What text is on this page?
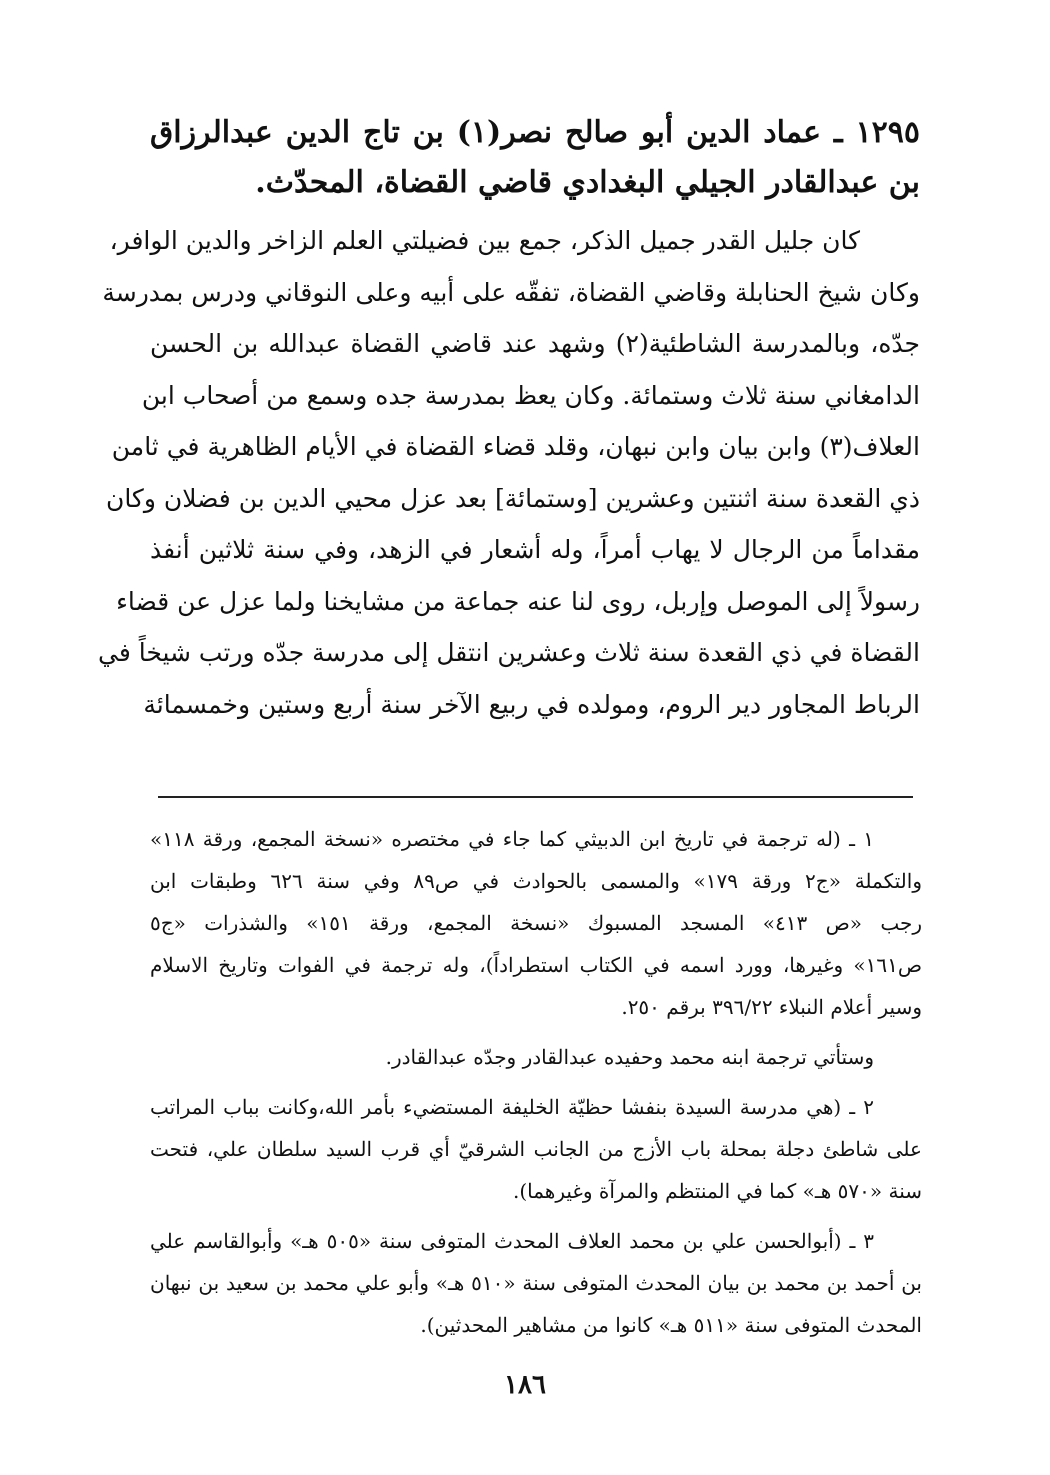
١٢٩٥ ـ عماد الدين أبو صالح نصر(١) بن تاج الدين عبدالرزاق بن عبدالقادر الجيلي البغدادي قاضي القضاة، المحدّث.
كان جليل القدر جميل الذكر، جمع بين فضيلتي العلم الزاخر والدين الوافر،
وكان شيخ الحنابلة وقاضي القضاة، تفقّه على أبيه وعلى النوقاني ودرس بمدرسة
جدّه، وبالمدرسة الشاطئية(٢) وشهد عند قاضي القضاة عبدالله بن الحسن
الدامغاني سنة ثلاث وستمائة. وكان يعظ بمدرسة جده وسمع من أصحاب ابن
العلاف(٣) وابن بيان وابن نبهان، وقلد قضاء القضاة في الأيام الظاهرية في ثامن
ذي القعدة سنة اثنتين وعشرين [وستمائة] بعد عزل محيي الدين بن فضلان وكان
مقداماً من الرجال لا يهاب أمراً، وله أشعار في الزهد، وفي سنة ثلاثين أنفذ
رسولاً إلى الموصل وإربل، روى لنا عنه جماعة من مشايخنا ولما عزل عن قضاء
القضاة في ذي القعدة سنة ثلاث وعشرين انتقل إلى مدرسة جدّه ورتب شيخاً في
الرباط المجاور دير الروم، ومولده في ربيع الآخر سنة أربع وستين وخمسمائة
١ ـ (له ترجمة في تاريخ ابن الدبيثي كما جاء في مختصره «نسخة المجمع، ورقة ١١٨»
والتكملة «ج٢ ورقة ١٧٩» والمسمى بالحوادث في ص٨٩ وفي سنة ٦٢٦ وطبقات ابن
رجب «ص ٤١٣» المسجد المسبوك «نسخة المجمع، ورقة ١٥١» والشذرات «ج٥
ص١٦١» وغيرها، وورد اسمه في الكتاب استطراداً)، وله ترجمة في الفوات وتاريخ الاسلام
وسير أعلام النبلاء ٣٩٦/٢٢ برقم ٢٥٠.
وستأتي ترجمة ابنه محمد وحفيده عبدالقادر وجدّه عبدالقادر.
٢ ـ (هي مدرسة السيدة بنفشا حظيّة الخليفة المستضيء بأمر الله،وكانت بباب المراتب
على شاطئ دجلة بمحلة باب الأزج من الجانب الشرقيّ أي قرب السيد سلطان علي، فتحت
سنة «٥٧٠ هـ» كما في المنتظم والمرآة وغيرهما).
٣ ـ (أبوالحسن علي بن محمد العلاف المحدث المتوفى سنة «٥٠٥ هـ» وأبوالقاسم علي
بن أحمد بن محمد بن بيان المحدث المتوفى سنة «٥١٠ هـ» وأبو علي محمد بن سعيد بن نبهان
المحدث المتوفى سنة «٥١١ هـ» كانوا من مشاهير المحدثين).
١٨٦
